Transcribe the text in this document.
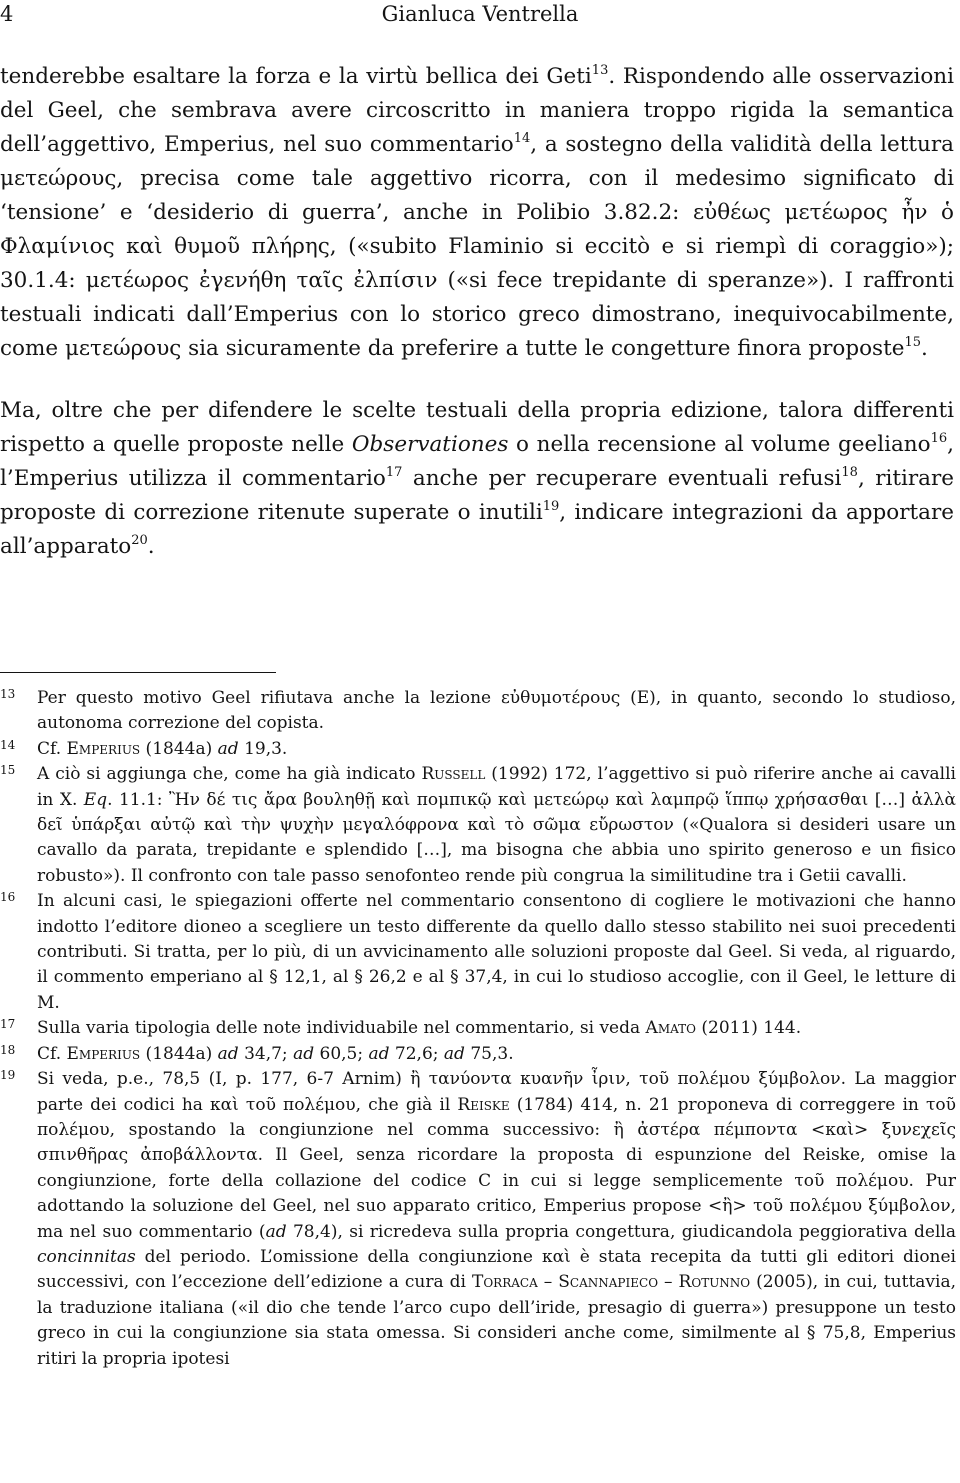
4	Gianluca Ventrella

tenderebbe esaltare la forza e la virtù bellica dei Geti$^{13}$. Rispondendo alle osservazioni del Geel, che sembrava avere circoscritto in maniera troppo rigida la semantica dell’aggettivo, Emperius, nel suo commentario$^{14}$, a sostegno della validità della lettura μετεώρους, precisa come tale aggettivo ricorra, con il medesimo significato di ‘tensione’ e ‘desiderio di guerra’, anche in Polibio 3.82.2: εὐθέως μετέωρος ἦν ὁ Φλαμίνιος καὶ θυμοῦ πλήρης, («subito Flaminio si eccitò e si riempì di coraggio»); 30.1.4: μετέωρος ἐγενήθη ταῖς ἐλπίσιν («si fece trepidante di speranze»). I raffronti testuali indicati dall’Emperius con lo storico greco dimostrano, inequivocabilmente, come μετεώρους sia sicuramente da preferire a tutte le congetture finora proposte$^{15}$.

Ma, oltre che per difendere le scelte testuali della propria edizione, talora differenti rispetto a quelle proposte nelle Observationes o nella recensione al volume geeliano$^{16}$, l’Emperius utilizza il commentario$^{17}$ anche per recuperare eventuali refusi$^{18}$, ritirare proposte di correzione ritenute superate o inutili$^{19}$, indicare integrazioni da apportare all’apparato$^{20}$.

13 Per questo motivo Geel rifiutava anche la lezione εὐθυμοτέρους (E), in quanto, secondo lo studioso, autonoma correzione del copista.

14 Cf. Emperius (1844a) ad 19,3.

15 A ciò si aggiunga che, come ha già indicato Russell (1992) 172, l’aggettivo si può riferire anche ai cavalli in X. Eq. 11.1: Ἢν δέ τις ἄρα βουληθῇ καὶ πομπικῷ καὶ μετεώρῳ καὶ λαμπρῷ ἵππῳ χρήσασθαι […] ἀλλὰ δεῖ ὑπάρξαι αὐτῷ καὶ τὴν ψυχὴν μεγαλόφρονα καὶ τὸ σῶμα εὔρωστον («Qualora si desideri usare un cavallo da parata, trepidante e splendido […], ma bisogna che abbia uno spirito generoso e un fisico robusto»). Il confronto con tale passo senofonteo rende più congrua la similitudine tra i Getii cavalli.

16 In alcuni casi, le spiegazioni offerte nel commentario consentono di cogliere le motivazioni che hanno indotto l’editore dioneo a scegliere un testo differente da quello dallo stesso stabilito nei suoi precedenti contributi. Si tratta, per lo più, di un avvicinamento alle soluzioni proposte dal Geel. Si veda, al riguardo, il commento emperiano al § 12,1, al § 26,2 e al § 37,4, in cui lo studioso accoglie, con il Geel, le letture di M.

17 Sulla varia tipologia delle note individuabile nel commentario, si veda Amato (2011) 144.

18 Cf. Emperius (1844a) ad 34,7; ad 60,5; ad 72,6; ad 75,3.

19 Si veda, p.e., 78,5 (I, p. 177, 6-7 Arnim) ἢ τανύοντα κυανῆν ἶριν, τοῦ πολέμου ξύμβολον. La maggior parte dei codici ha καὶ τοῦ πολέμου, che già il Reiske (1784) 414, n. 21 proponeva di correggere in τοῦ πολέμου, spostando la congiunzione nel comma successivo: ἢ ἀστέρα πέμποντα <καὶ> ξυνεχεῖς σπινθῆρας ἀποβάλλοντα. Il Geel, senza ricordare la proposta di espunzione del Reiske, omise la congiunzione, forte della collazione del codice C in cui si legge semplicemente τοῦ πολέμου. Pur adottando la soluzione del Geel, nel suo apparato critico, Emperius propose <ἢ> τοῦ πολέμου ξύμβολον, ma nel suo commentario (ad 78,4), si ricredeva sulla propria congettura, giudicandola peggiorativa della concinnitas del periodo. L’omissione della congiunzione καὶ è stata recepita da tutti gli editori dionei successivi, con l’eccezione dell’edizione a cura di Torraca – Scannapieco – Rotunno (2005), in cui, tuttavia, la traduzione italiana («il dio che tende l’arco cupo dell’iride, presagio di guerra») presuppone un testo greco in cui la congiunzione sia stata omessa. Si consideri anche come, similmente al § 75,8, Emperius ritiri la propria ipotesi
